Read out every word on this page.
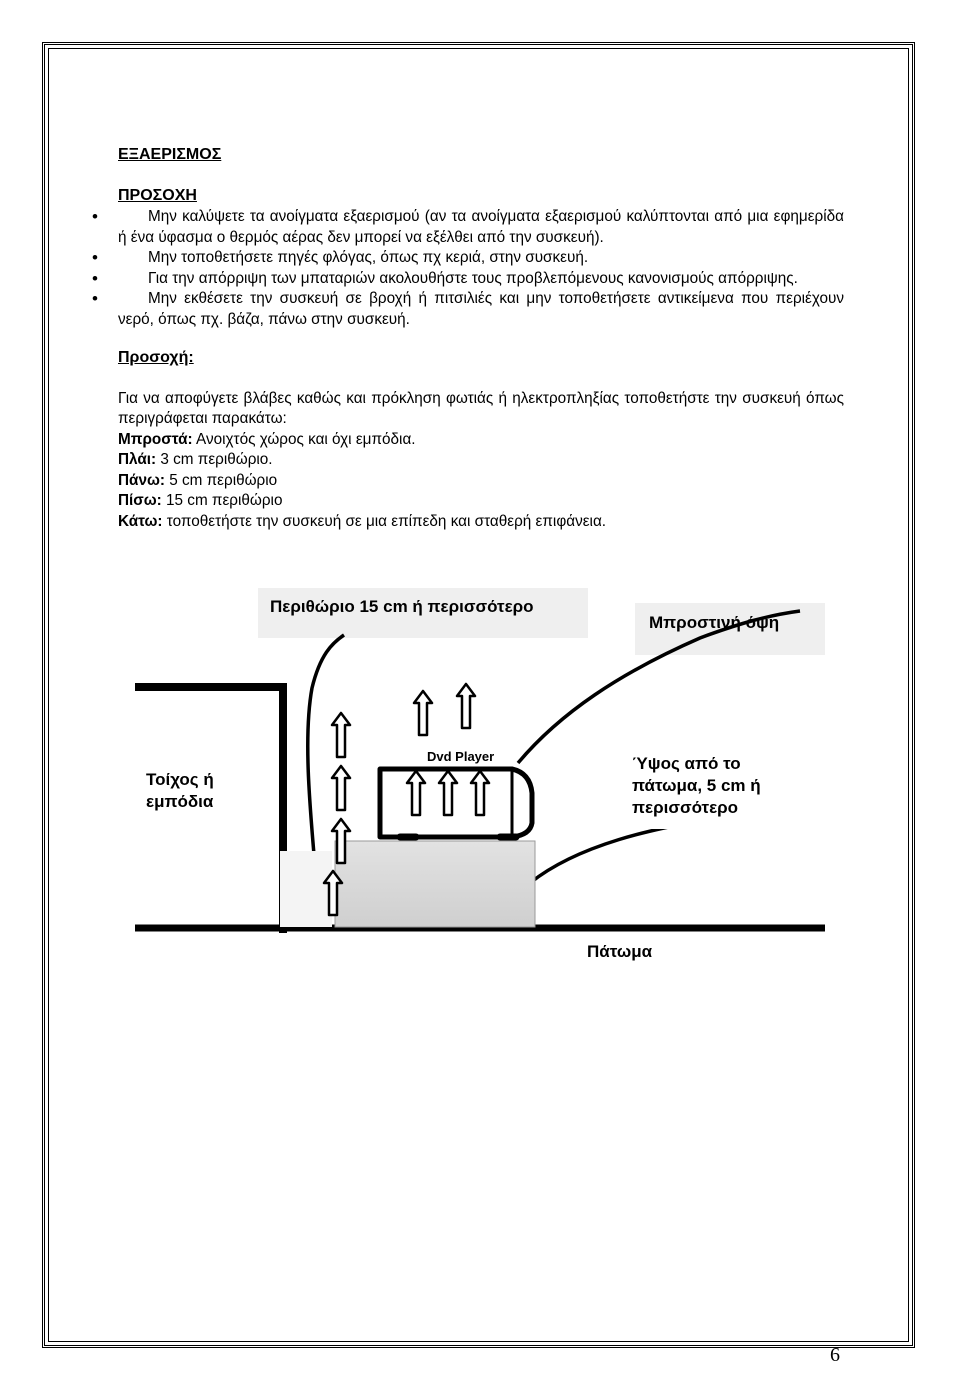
ΕΞΑΕΡΙΣΜΟΣ

ΠΡΟΣΟΧΗ

• Μην καλύψετε τα ανοίγματα εξαερισμού (αν τα ανοίγματα εξαερισμού καλύπτονται από μια εφημερίδα ή ένα ύφασμα ο θερμός αέρας δεν μπορεί να εξέλθει από την συσκευή).
• Μην τοποθετήσετε πηγές φλόγας, όπως πχ κεριά, στην συσκευή.
• Για την απόρριψη των μπαταριών ακολουθήστε τους προβλεπόμενους κανονισμούς απόρριψης.
• Μην εκθέσετε την συσκευή σε βροχή ή πιτσιλιές και μην τοποθετήσετε αντικείμενα που περιέχουν νερό, όπως πχ. βάζα, πάνω στην συσκευή.

Προσοχή:

Για να αποφύγετε βλάβες καθώς και πρόκληση φωτιάς ή ηλεκτροπληξίας τοποθετήστε την συσκευή όπως περιγράφεται παρακάτω:

Μπροστά: Ανοιχτός χώρος και όχι εμπόδια.

Πλάι: 3 cm περιθώριο.

Πάνω: 5 cm περιθώριο

Πίσω: 15 cm περιθώριο

Κάτω: τοποθετήστε την συσκευή σε μια επίπεδη και σταθερή επιφάνεια.

Dvd Player
Περιθώριο 15 cm ή περισσότερο
Μπροστινή όψη
Τοίχος ή
εμπόδια
Ύψος από το
πάτωμα, 5 cm ή
περισσότερο
Πάτωμα
6
